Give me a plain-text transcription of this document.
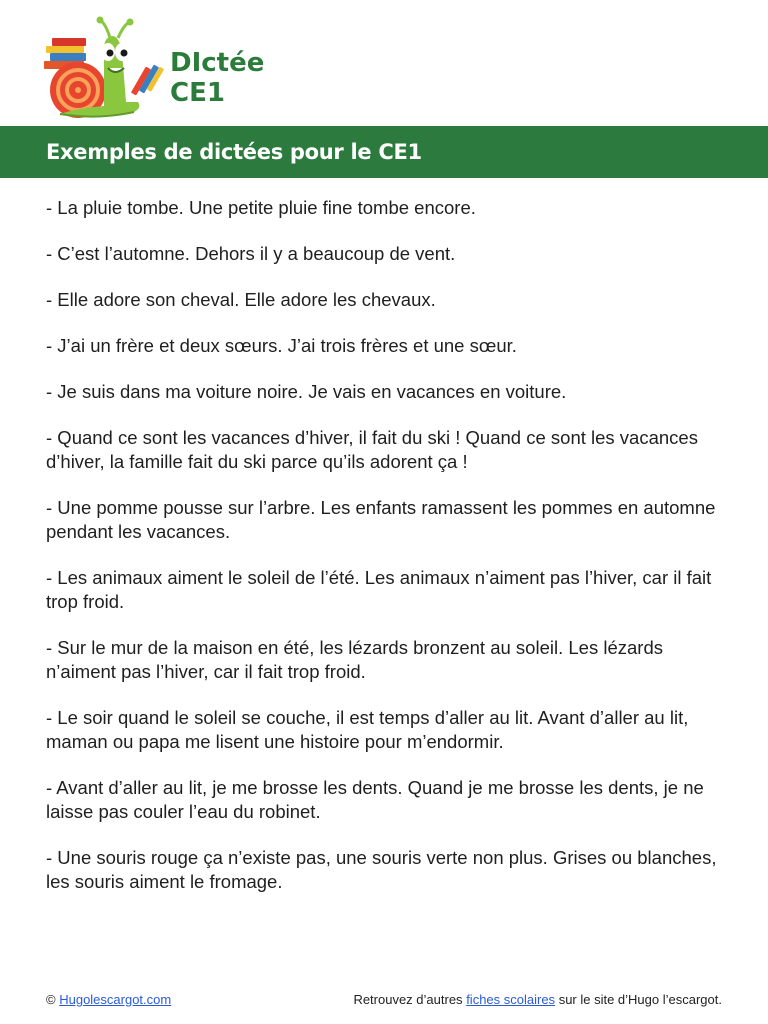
DIctée
CE1
Exemples de dictées pour le CE1

- La pluie tombe. Une petite pluie fine tombe encore.

- C’est l’automne. Dehors il y a beaucoup de vent.

- Elle adore son cheval. Elle adore les chevaux.

- J’ai un frère et deux sœurs. J’ai trois frères et une sœur.

- Je suis dans ma voiture noire. Je vais en vacances en voiture.

- Quand ce sont les vacances d’hiver, il fait du ski ! Quand ce sont les vacances d’hiver, la famille fait du ski parce qu’ils adorent ça !

- Une pomme pousse sur l’arbre. Les enfants ramassent les pommes en automne pendant les vacances.

- Les animaux aiment le soleil de l’été. Les animaux n’aiment pas l’hiver, car il fait trop froid.

- Sur le mur de la maison en été, les lézards bronzent au soleil. Les lézards n’aiment pas l’hiver, car il fait trop froid.

- Le soir quand le soleil se couche, il est temps d’aller au lit. Avant d’aller au lit, maman ou papa me lisent une histoire pour m’endormir.

- Avant d’aller au lit, je me brosse les dents. Quand je me brosse les dents, je ne laisse pas couler l’eau du robinet.

- Une souris rouge ça n’existe pas, une souris verte non plus. Grises ou blanches, les souris aiment le fromage.

© Hugolescargot.com	Retrouvez d’autres fiches scolaires sur le site d’Hugo l’escargot.
